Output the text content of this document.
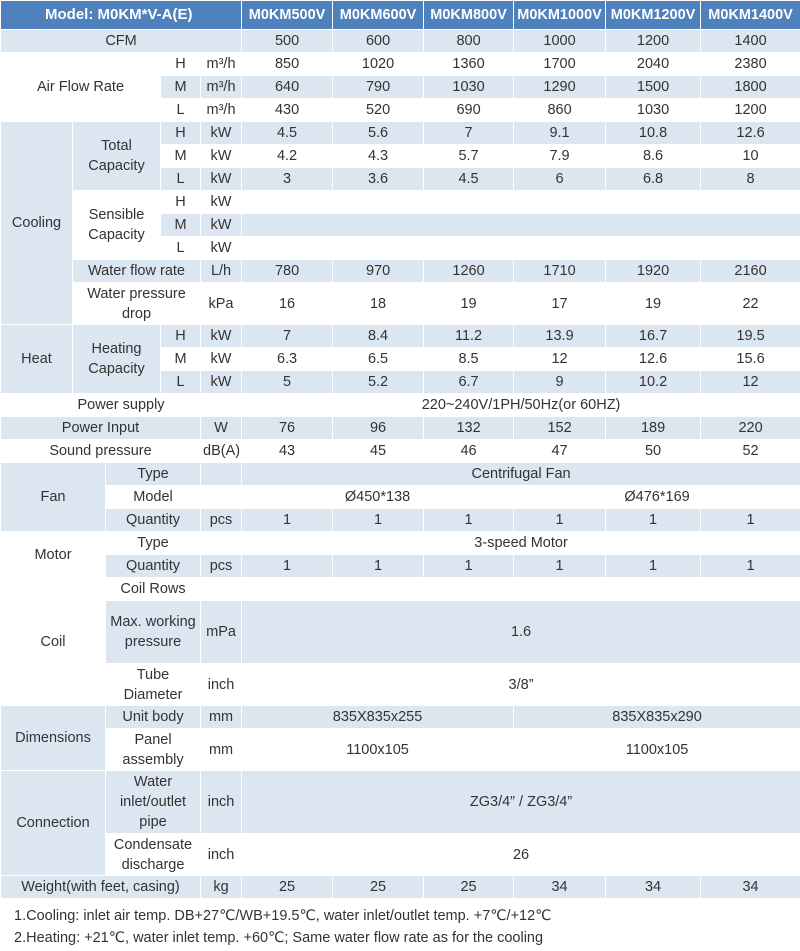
Model: M0KM*V-A(E)					M0KM500V	M0KM600V	M0KM800V	M0KM1000V	M0KM1200V	M0KM1400V
CFM					500	600	800	1000	1200	1400
Air Flow Rate			H	m³/h	850	1020	1360	1700	2040	2380
			M	m³/h	640	790	1030	1290	1500	1800
			L	m³/h	430	520	690	860	1030	1200
Cooling	Total Capacity		H	kW	4.5	5.6	7	9.1	10.8	12.6
			M	kW	4.2	4.3	5.7	7.9	8.6	10
			L	kW	3	3.6	4.5	6	6.8	8
	Sensible Capacity		H	kW						
			M	kW						
			L	kW						
	Water flow rate			L/h	780	970	1260	1710	1920	2160
	Water pressure drop			kPa	16	18	19	17	19	22
Heat	Heating Capacity		H	kW	7	8.4	11.2	13.9	16.7	19.5
			M	kW	6.3	6.5	8.5	12	12.6	15.6
			L	kW	5	5.2	6.7	9	10.2	12
Power supply					220~240V/1PH/50Hz(or 60HZ)					
Power Input				W	76	96	132	152	189	220
Sound pressure				dB(A)	43	45	46	47	50	52
Fan		Type			Centrifugal Fan					
		Model			Ø450*138			Ø476*169		
		Quantity		pcs	1	1	1	1	1	1
Motor		Type			3-speed Motor					
		Quantity		pcs	1	1	1	1	1	1
Coil		Coil Rows								
		Max. working pressure		mPa	1.6					
		Tube Diameter		inch	3/8”					
Dimensions		Unit body		mm	835X835x255			835X835x290		
		Panel assembly		mm	1100x105			1100x105		
Connection		Water inlet/outlet pipe		inch	ZG3/4” / ZG3/4”					
		Condensate discharge		inch	26					
Weight(with feet, casing)				kg	25	25	25	34	34	34
1.Cooling: inlet air temp. DB+27℃/WB+19.5℃, water inlet/outlet temp. +7℃/+12℃
2.Heating: +21℃, water inlet temp. +60℃; Same water flow rate as for the cooling
